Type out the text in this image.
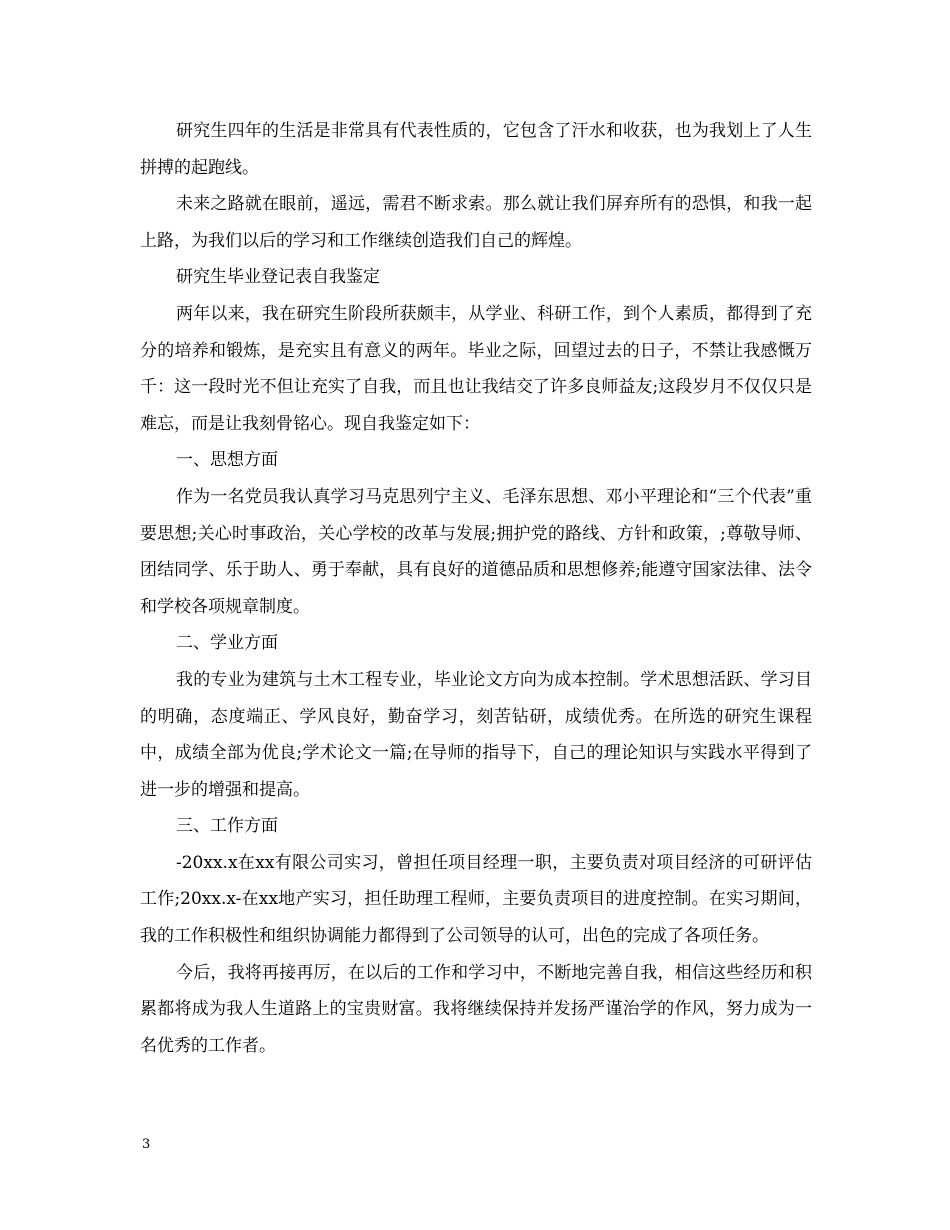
研究生四年的生活是非常具有代表性质的，它包含了汗水和收获，也为我划上了人生拼搏的起跑线。

未来之路就在眼前，遥远，需君不断求索。那么就让我们屏弃所有的恐惧，和我一起上路，为我们以后的学习和工作继续创造我们自己的辉煌。

研究生毕业登记表自我鉴定

两年以来，我在研究生阶段所获颇丰，从学业、科研工作，到个人素质，都得到了充分的培养和锻炼，是充实且有意义的两年。毕业之际，回望过去的日子，不禁让我感慨万千：这一段时光不但让充实了自我，而且也让我结交了许多良师益友;这段岁月不仅仅只是难忘，而是让我刻骨铭心。现自我鉴定如下：

一、思想方面

作为一名党员我认真学习马克思列宁主义、毛泽东思想、邓小平理论和“三个代表”重要思想;关心时事政治，关心学校的改革与发展;拥护党的路线、方针和政策，;尊敬导师、团结同学、乐于助人、勇于奉献，具有良好的道德品质和思想修养;能遵守国家法律、法令和学校各项规章制度。

二、学业方面

我的专业为建筑与土木工程专业，毕业论文方向为成本控制。学术思想活跃、学习目的明确，态度端正、学风良好，勤奋学习，刻苦钻研，成绩优秀。在所选的研究生课程中，成绩全部为优良;学术论文一篇;在导师的指导下，自己的理论知识与实践水平得到了进一步的增强和提高。

三、工作方面

-20xx.x在xx有限公司实习，曾担任项目经理一职，主要负责对项目经济的可研评估工作;20xx.x-在xx地产实习，担任助理工程师，主要负责项目的进度控制。在实习期间，我的工作积极性和组织协调能力都得到了公司领导的认可，出色的完成了各项任务。

今后，我将再接再厉，在以后的工作和学习中，不断地完善自我，相信这些经历和积累都将成为我人生道路上的宝贵财富。我将继续保持并发扬严谨治学的作风，努力成为一名优秀的工作者。

3
